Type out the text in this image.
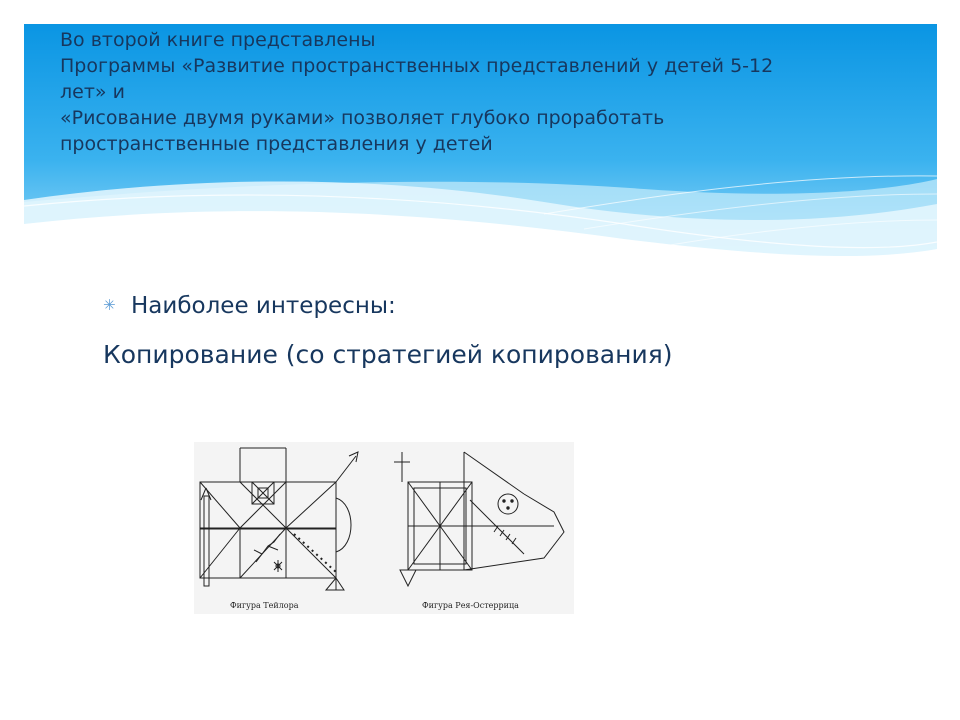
Во второй книге представлены
Программы «Развитие пространственных представлений у детей 5-12
лет» и
«Рисование двумя руками» позволяет глубоко проработать
пространственные представления у детей
✳ Наиболее интересны:
Копирование (со стратегией копирования)
Фигура Тейлора	Фигура Рея-Остеррица
